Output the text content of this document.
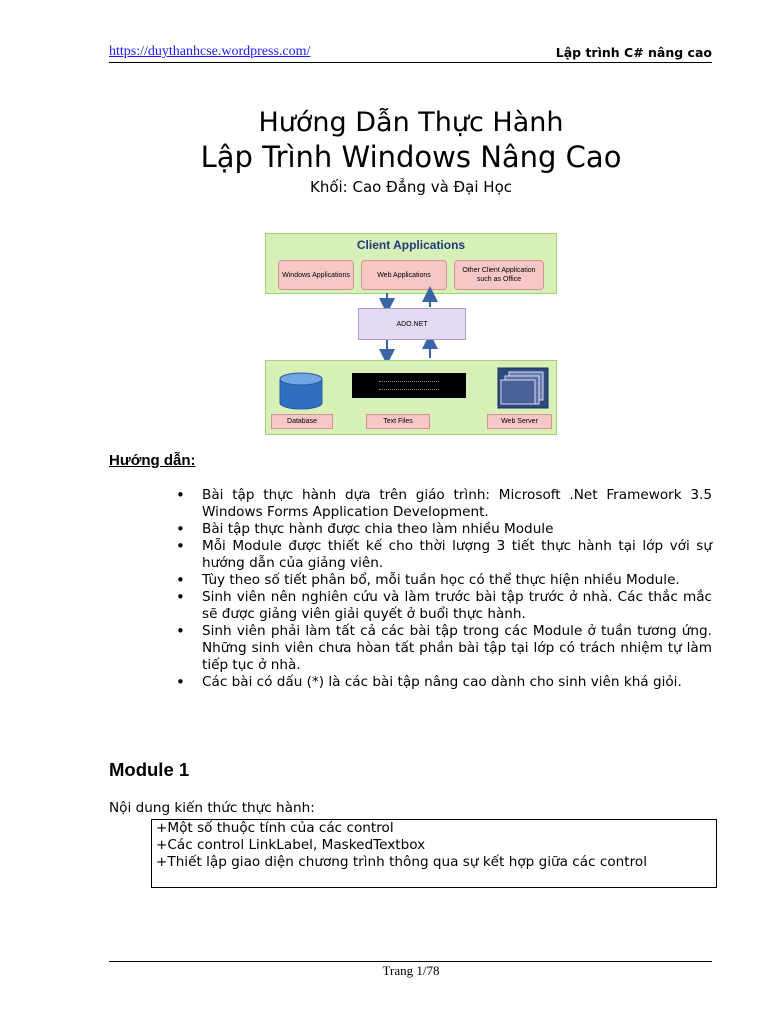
https://duythanhcse.wordpress.com/	Lập trình C# nâng cao
Hướng Dẫn Thực Hành
Lập Trình Windows Nâng Cao
Khối: Cao Đẳng và Đại Học
Client Applications
Windows Applications	Web Applications
Other Client Application such as Office
ADO.NET
Database	Text Files	Web Server
Hướng dẫn:
• Bài tập thực hành dựa trên giáo trình: Microsoft .Net Framework 3.5 Windows Forms Application Development.
• Bài tập thực hành được chia theo làm nhiều Module
• Mỗi Module được thiết kế cho thời lượng 3 tiết thực hành tại lớp với sự hướng dẫn của giảng viên.
• Tùy theo số tiết phân bổ, mỗi tuần học có thể thực hiện nhiều Module.
• Sinh viên nên nghiên cứu và làm trước bài tập trước ở nhà. Các thắc mắc sẽ được giảng viên giải quyết ở buổi thực hành.
• Sinh viên phải làm tất cả các bài tập trong các Module ở tuần tương ứng. Những sinh viên chưa hòan tất phần bài tập tại lớp có trách nhiệm tự làm tiếp tục ở nhà.
• Các bài có dấu (*) là các bài tập nâng cao dành cho sinh viên khá giỏi.
Module 1
Nội dung kiến thức thực hành:
+Một số thuộc tính của các control
+Các control LinkLabel, MaskedTextbox
+Thiết lập giao diện chương trình thông qua sự kết hợp giữa các control
Trang 1/78
